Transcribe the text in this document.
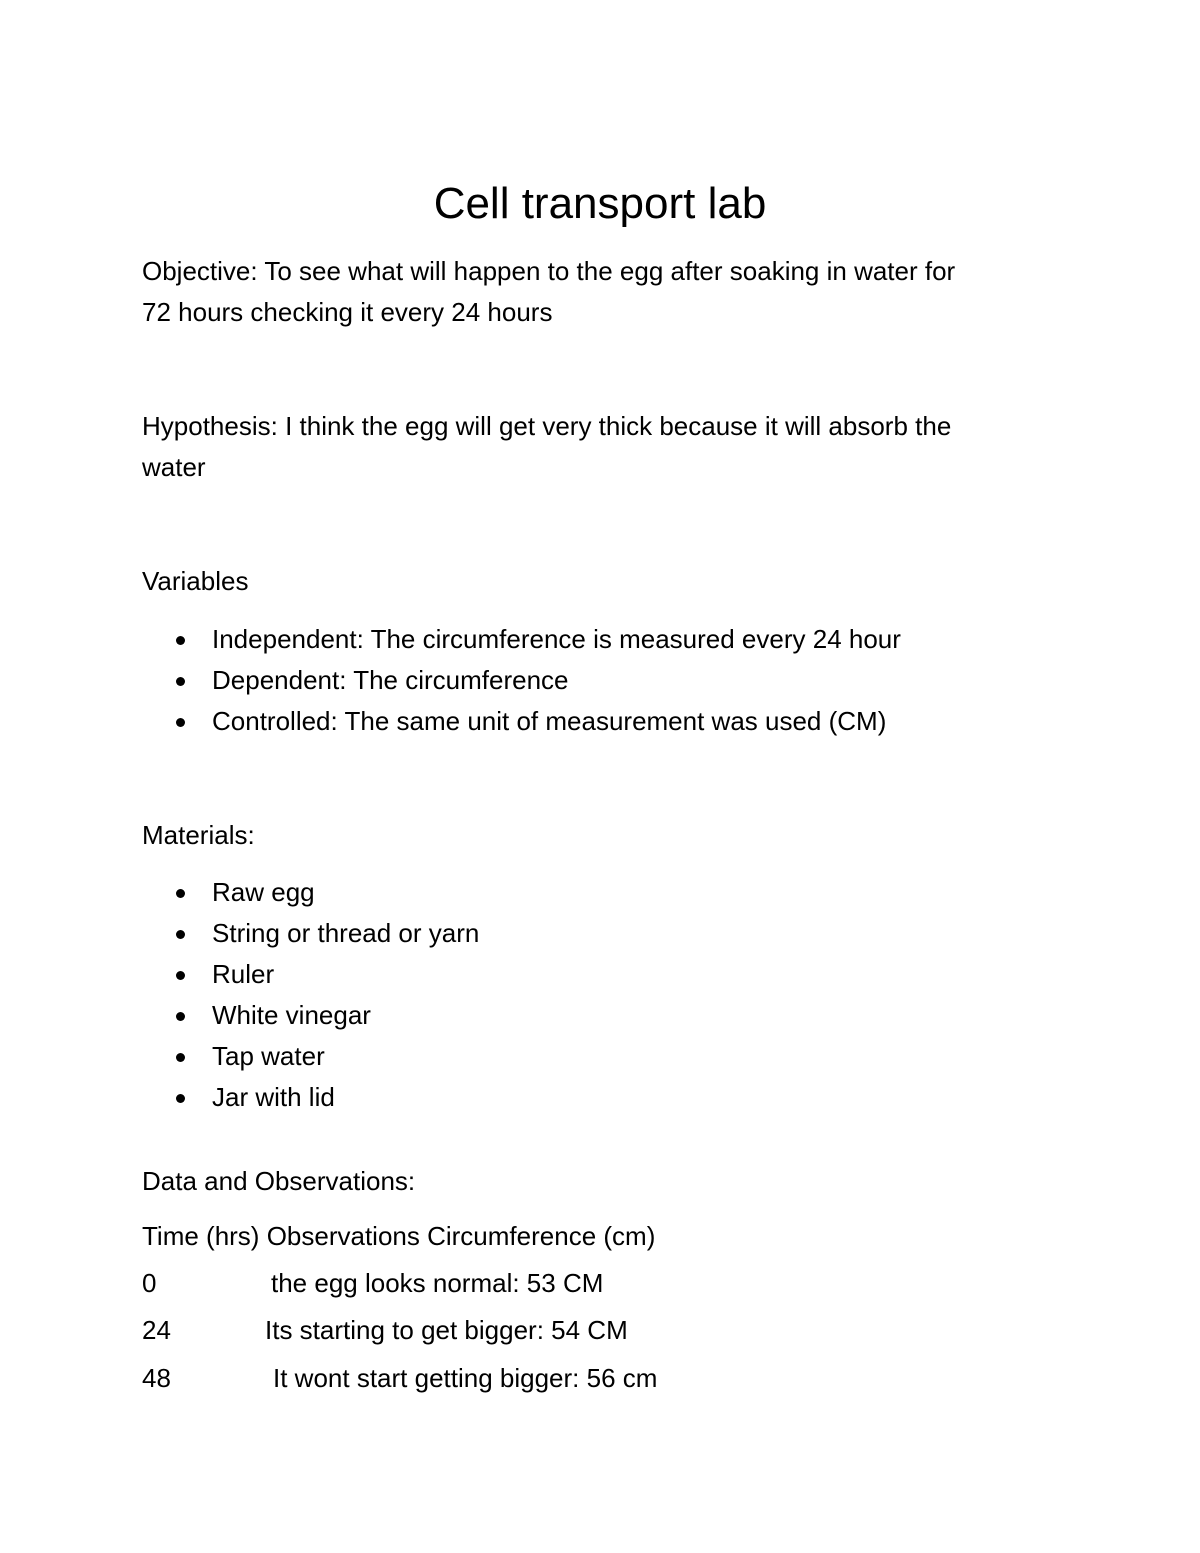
Cell transport lab

Objective: To see what will happen to the egg after soaking in water for

72 hours checking it every 24 hours

Hypothesis: I think the egg will get very thick because it will absorb the

water

Variables

Independent: The circumference is measured every 24 hour
Dependent: The circumference
Controlled: The same unit of measurement was used (CM)

Materials:

Raw egg
String or thread or yarn
Ruler
White vinegar
Tap water
Jar with lid

Data and Observations:

Time (hrs) Observations Circumference (cm)

0	the egg looks normal: 53 CM
24	Its starting to get bigger: 54 CM
48	It wont start getting bigger: 56 cm
